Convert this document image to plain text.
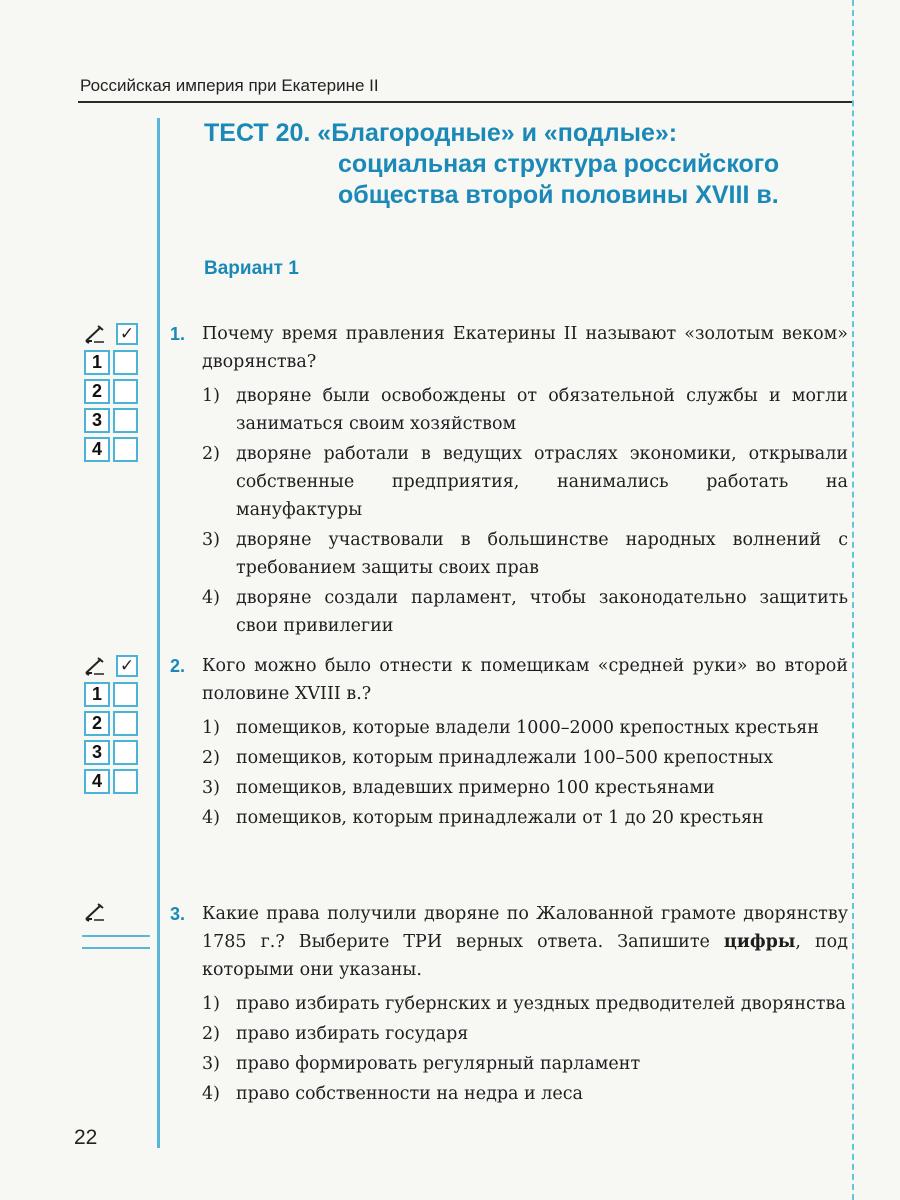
Российская империя при Екатерине II
ТЕСТ 20. «Благородные» и «подлые»:
социальная структура российского
общества второй половины XVIII в.
Вариант 1
✓
1
2
3
4
✓
1
2
3
4
1. Почему время правления Екатерины II называют «золотым веком» дворянства?
1) дворяне были освобождены от обязательной службы и могли заниматься своим хозяйством
2) дворяне работали в ведущих отраслях экономики, открывали собственные предприятия, нанимались работать на мануфактуры
3) дворяне участвовали в большинстве народных волнений с требованием защиты своих прав
4) дворяне создали парламент, чтобы законодательно защитить свои привилегии
2. Кого можно было отнести к помещикам «средней руки» во второй половине XVIII в.?
1) помещиков, которые владели 1000–2000 крепостных крестьян
2) помещиков, которым принадлежали 100–500 крепостных
3) помещиков, владевших примерно 100 крестьянами
4) помещиков, которым принадлежали от 1 до 20 крестьян
3. Какие права получили дворяне по Жалованной грамоте дворянству 1785 г.? Выберите ТРИ верных ответа. Запишите цифры, под которыми они указаны.
1) право избирать губернских и уездных предводителей дворянства
2) право избирать государя
3) право формировать регулярный парламент
4) право собственности на недра и леса
22
